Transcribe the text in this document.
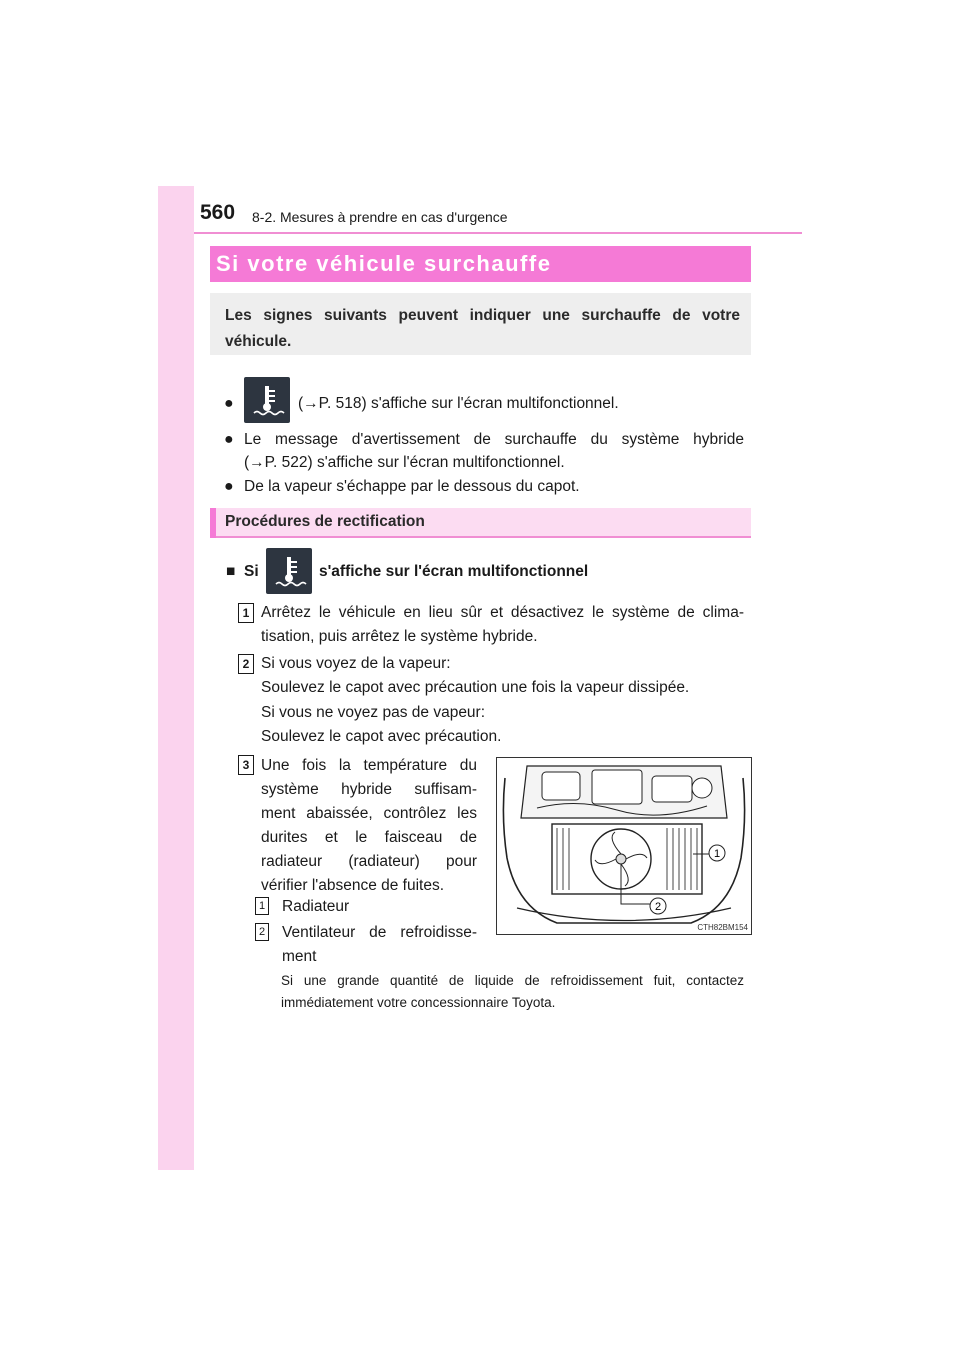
560 8-2. Mesures à prendre en cas d'urgence
Si votre véhicule surchauffe

Les signes suivants peuvent indiquer une surchauffe de votre véhicule.

●	(→P. 518) s'affiche sur l'écran multifonctionnel.

● Le message d'avertissement de surchauffe du système hybride

(→P. 522) s'affiche sur l'écran multifonctionnel.

● De la vapeur s'échappe par le dessous du capot.

Procédures de rectification
■ Si	s'affiche sur l'écran multifonctionnel
1 Arrêtez le véhicule en lieu sûr et désactivez le système de clima-

tisation, puis arrêtez le système hybride.

2 Si vous voyez de la vapeur:

Soulevez le capot avec précaution une fois la vapeur dissipée.

Si vous ne voyez pas de vapeur:

Soulevez le capot avec précaution.

3 Une fois la température du

système hybride suffisam-

ment abaissée, contrôlez les

durites et le faisceau de

radiateur (radiateur) pour

vérifier l'absence de fuites.

1 Radiateur

2 Ventilateur de refroidisse-

ment

Si une grande quantité de liquide de refroidissement fuit, contactez
immédiatement votre concessionnaire Toyota.

1
2
CTH82BM154
